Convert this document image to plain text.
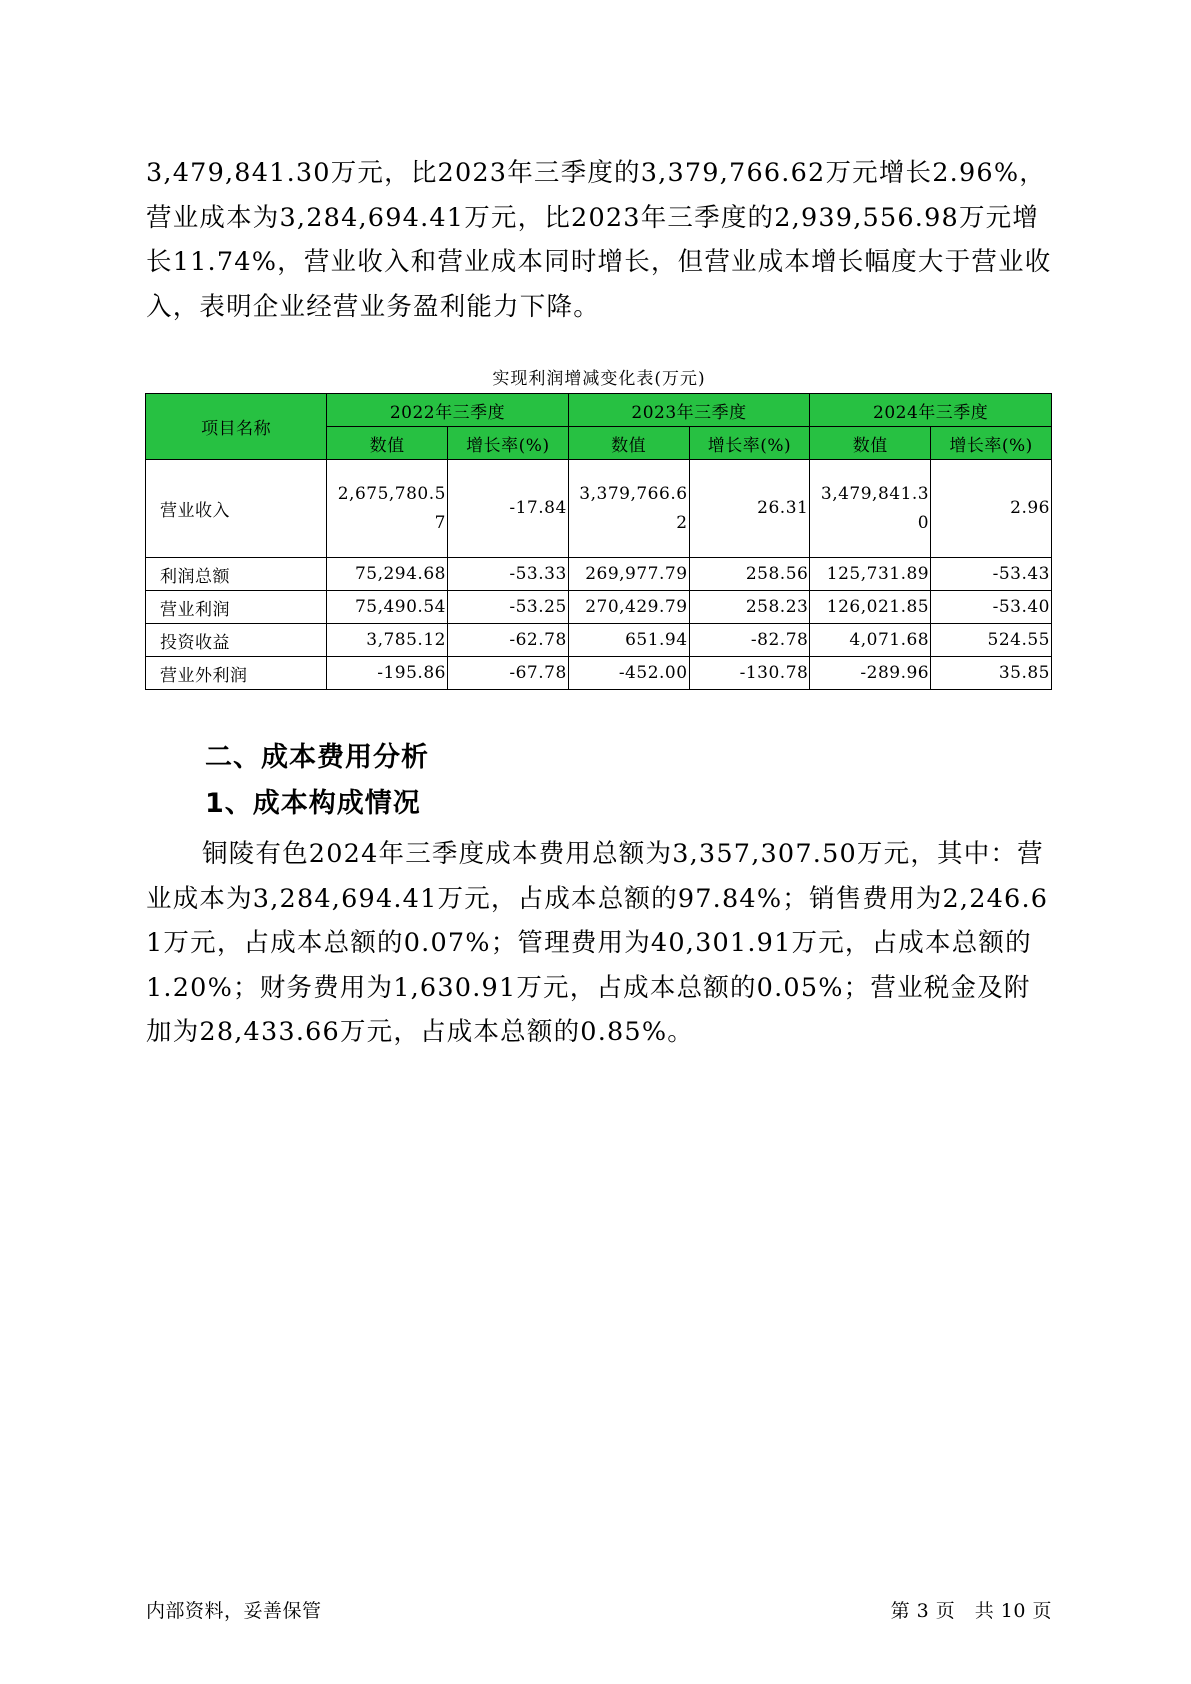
3,479,841.30万元，比2023年三季度的3,379,766.62万元增长2.96%，营业成本为3,284,694.41万元，比2023年三季度的2,939,556.98万元增长11.74%，营业收入和营业成本同时增长，但营业成本增长幅度大于营业收入，表明企业经营业务盈利能力下降。

实现利润增减变化表(万元)
项目名称	2022年三季度		2023年三季度		2024年三季度	
	数值	增长率(%)	数值	增长率(%)	数值	增长率(%)
营业收入	2,675,780.57	-17.84	3,379,766.62	26.31	3,479,841.30	2.96
利润总额	75,294.68	-53.33	269,977.79	258.56	125,731.89	-53.43
营业利润	75,490.54	-53.25	270,429.79	258.23	126,021.85	-53.40
投资收益	3,785.12	-62.78	651.94	-82.78	4,071.68	524.55
营业外利润	-195.86	-67.78	-452.00	-130.78	-289.96	35.85
二、成本费用分析
1、成本构成情况

铜陵有色2024年三季度成本费用总额为3,357,307.50万元，其中：营业成本为3,284,694.41万元，占成本总额的97.84%；销售费用为2,246.61万元，占成本总额的0.07%；管理费用为40,301.91万元，占成本总额的1.20%；财务费用为1,630.91万元，占成本总额的0.05%；营业税金及附加为28,433.66万元，占成本总额的0.85%。

内部资料，妥善保管	第 3 页　共 10 页
